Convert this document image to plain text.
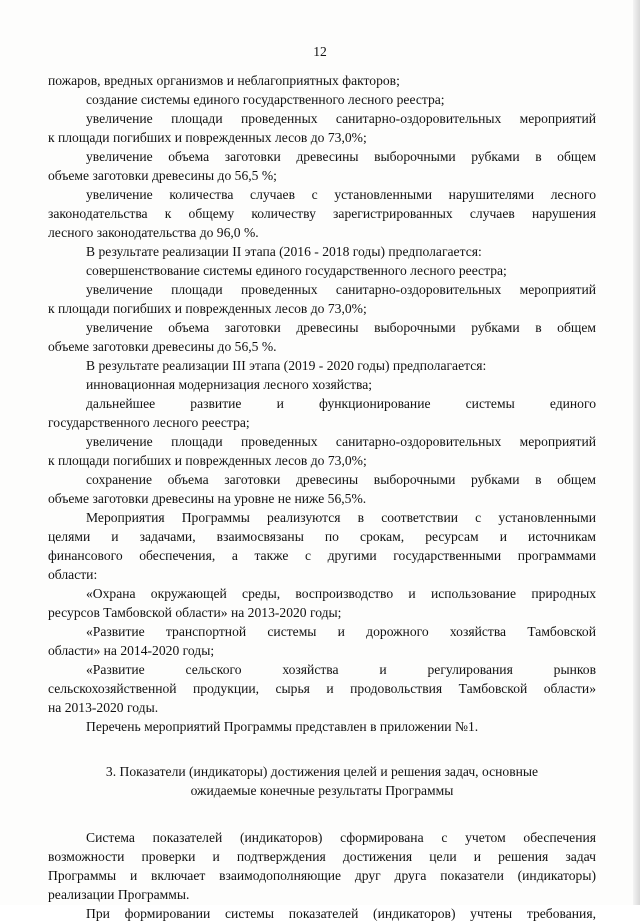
12
пожаров, вредных организмов и неблагоприятных факторов;
создание системы единого государственного лесного реестра;
увеличение площади проведенных санитарно-оздоровительных мероприятий
к площади погибших и поврежденных лесов до 73,0%;
увеличение объема заготовки древесины выборочными рубками в общем
объеме заготовки древесины до 56,5 %;
увеличение количества случаев с установленными нарушителями лесного
законодательства к общему количеству зарегистрированных случаев нарушения
лесного законодательства до 96,0 %.
В результате реализации II этапа (2016 - 2018 годы) предполагается:
совершенствование системы единого государственного лесного реестра;
увеличение площади проведенных санитарно-оздоровительных мероприятий
к площади погибших и поврежденных лесов до 73,0%;
увеличение объема заготовки древесины выборочными рубками в общем
объеме заготовки древесины до 56,5 %.
В результате реализации III этапа (2019 - 2020 годы) предполагается:
инновационная модернизация лесного хозяйства;
дальнейшее развитие и функционирование системы единого
государственного лесного реестра;
увеличение площади проведенных санитарно-оздоровительных мероприятий
к площади погибших и поврежденных лесов до 73,0%;
сохранение объема заготовки древесины выборочными рубками в общем
объеме заготовки древесины на уровне не ниже 56,5%.
Мероприятия Программы реализуются в соответствии с установленными
целями и задачами, взаимосвязаны по срокам, ресурсам и источникам
финансового обеспечения, а также с другими государственными программами
области:
«Охрана окружающей среды, воспроизводство и использование природных
ресурсов Тамбовской области» на 2013-2020 годы;
«Развитие транспортной системы и дорожного хозяйства Тамбовской
области» на 2014-2020 годы;
«Развитие сельского хозяйства и регулирования рынков
сельскохозяйственной продукции, сырья и продовольствия Тамбовской области»
на 2013-2020 годы.
Перечень мероприятий Программы представлен в приложении №1.
3. Показатели (индикаторы) достижения целей и решения задач, основные
ожидаемые конечные результаты Программы
Система показателей (индикаторов) сформирована с учетом обеспечения
возможности проверки и подтверждения достижения цели и решения задач
Программы и включает взаимодополняющие друг друга показатели (индикаторы)
реализации Программы.
При формировании системы показателей (индикаторов) учтены требования,
